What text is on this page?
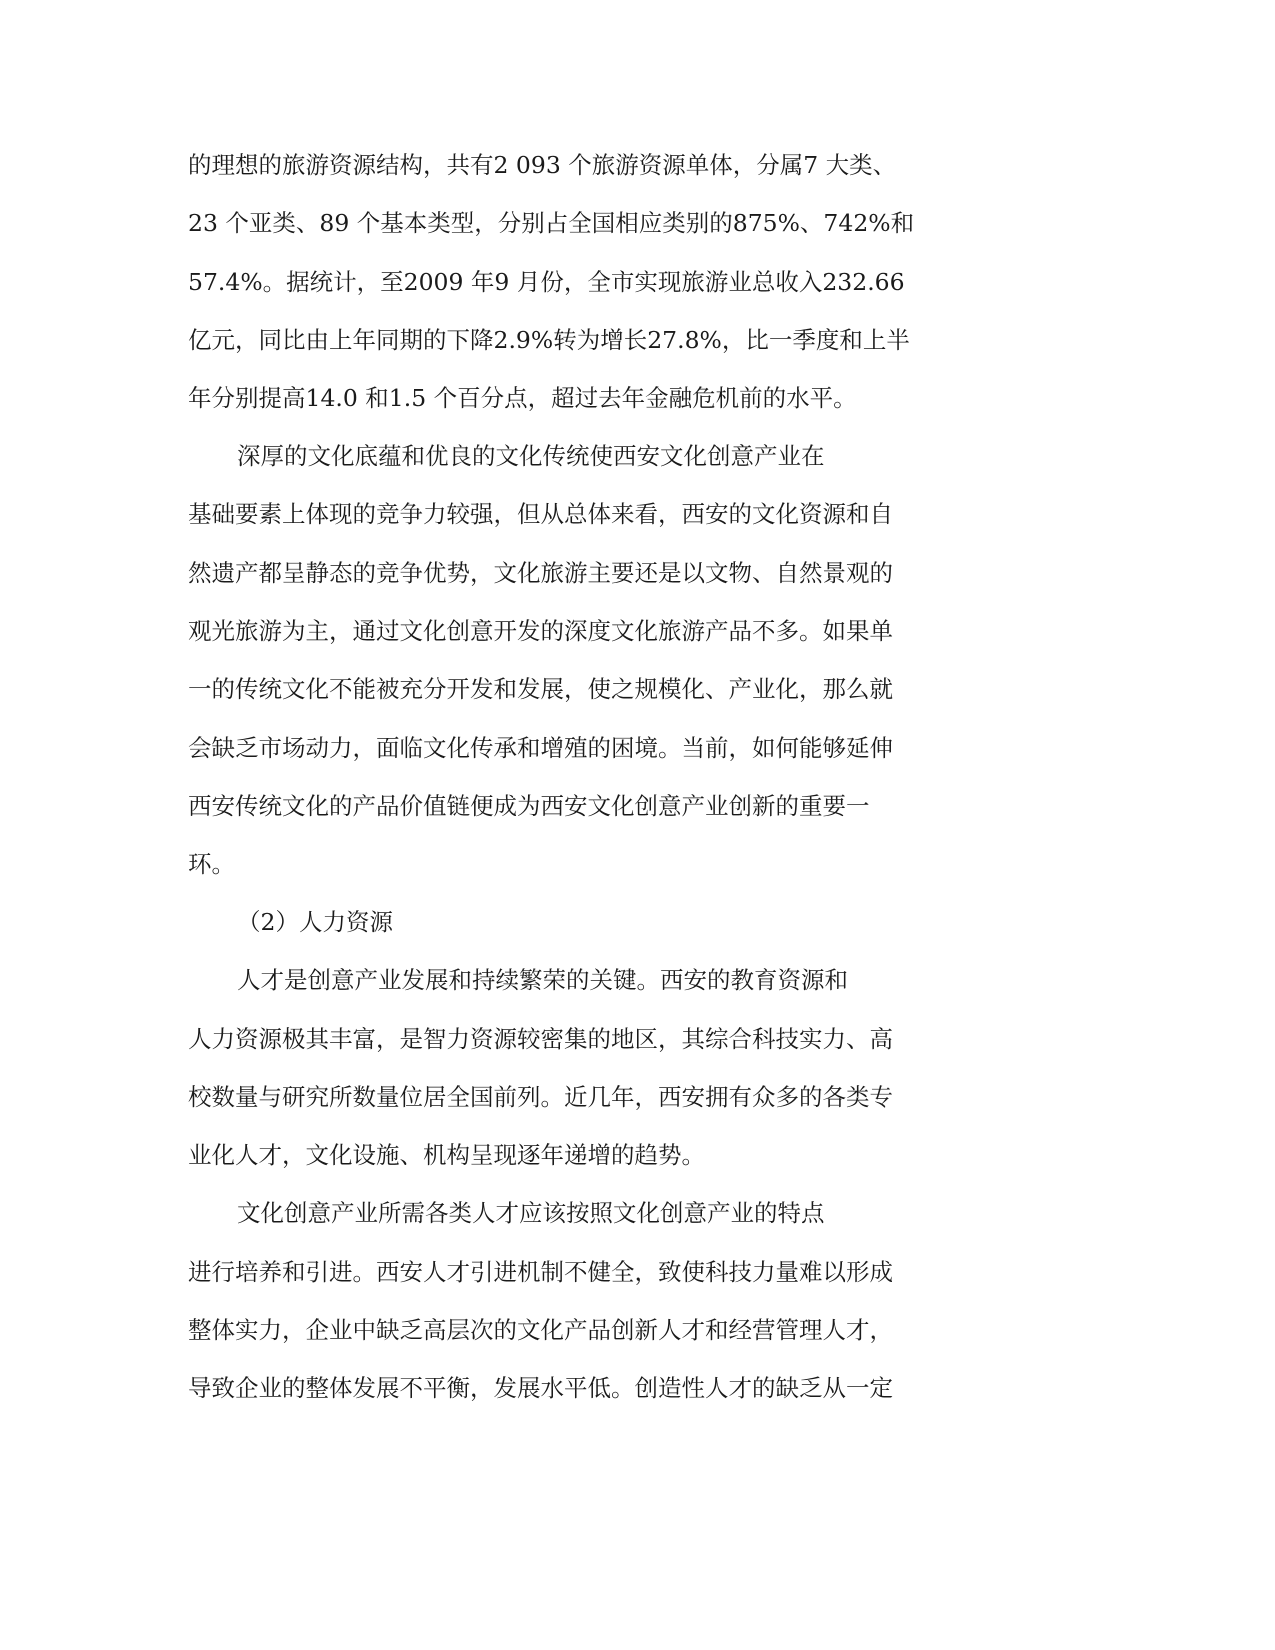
的理想的旅游资源结构，共有2 093 个旅游资源单体，分属7 大类、
23 个亚类、89 个基本类型，分别占全国相应类别的875%、742%和
57.4%。据统计，至2009 年9 月份，全市实现旅游业总收入232.66
亿元，同比由上年同期的下降2.9%转为增长27.8%，比一季度和上半
年分别提高14.0 和1.5 个百分点，超过去年金融危机前的水平。
深厚的文化底蕴和优良的文化传统使西安文化创意产业在
基础要素上体现的竞争力较强，但从总体来看，西安的文化资源和自
然遗产都呈静态的竞争优势，文化旅游主要还是以文物、自然景观的
观光旅游为主，通过文化创意开发的深度文化旅游产品不多。如果单
一的传统文化不能被充分开发和发展，使之规模化、产业化，那么就
会缺乏市场动力，面临文化传承和增殖的困境。当前，如何能够延伸
西安传统文化的产品价值链便成为西安文化创意产业创新的重要一
环。
（2）人力资源
人才是创意产业发展和持续繁荣的关键。西安的教育资源和
人力资源极其丰富，是智力资源较密集的地区，其综合科技实力、高
校数量与研究所数量位居全国前列。近几年，西安拥有众多的各类专
业化人才，文化设施、机构呈现逐年递增的趋势。
文化创意产业所需各类人才应该按照文化创意产业的特点
进行培养和引进。西安人才引进机制不健全，致使科技力量难以形成
整体实力，企业中缺乏高层次的文化产品创新人才和经营管理人才，
导致企业的整体发展不平衡，发展水平低。创造性人才的缺乏从一定
